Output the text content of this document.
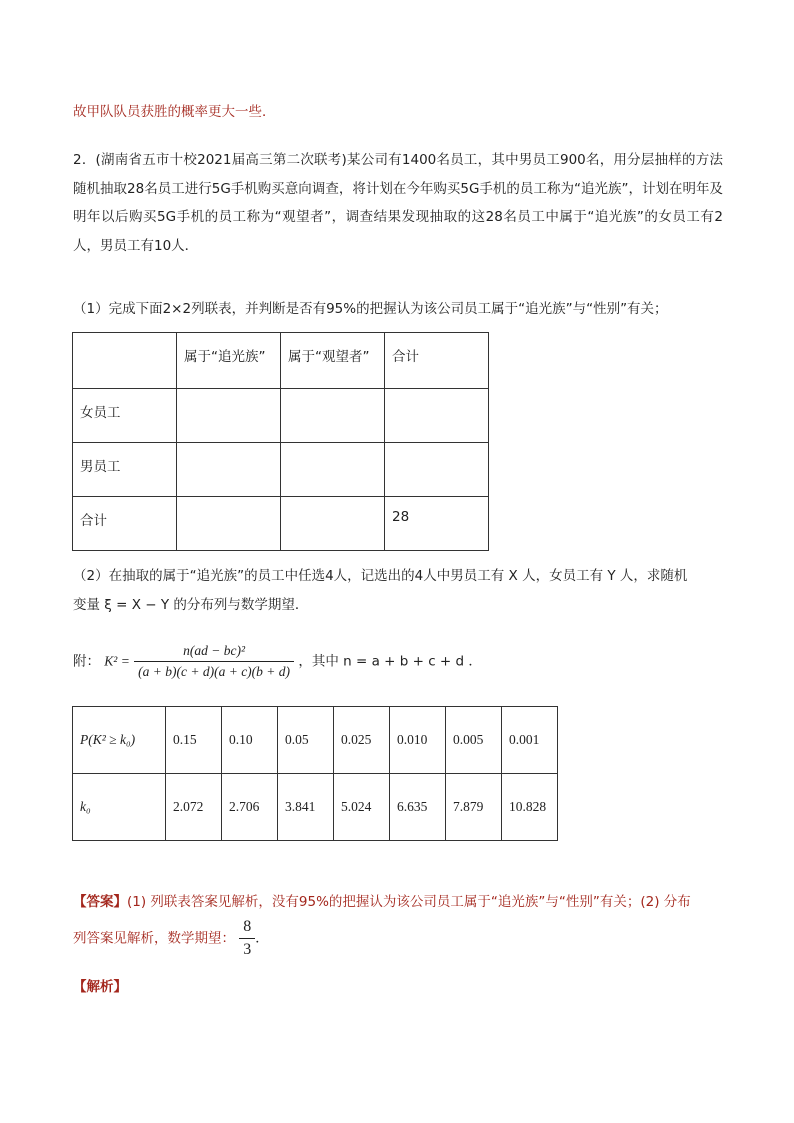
故甲队队员获胜的概率更大一些．
2．(湖南省五市十校2021届高三第二次联考)某公司有1400名员工，其中男员工900名，用分层抽样的方法随机抽取28名员工进行5G手机购买意向调查，将计划在今年购买5G手机的员工称为“追光族”，计划在明年及明年以后购买5G手机的员工称为“观望者”，调查结果发现抽取的这28名员工中属于“追光族”的女员工有2人，男员工有10人．
（1）完成下面2×2列联表，并判断是否有95%的把握认为该公司员工属于“追光族”与“性别”有关；
	属于“追光族”	属于“观望者”	合计
女员工			
男员工			
合计			28
（2）在抽取的属于“追光族”的员工中任选4人，记选出的4人中男员工有 X 人，女员工有 Y 人，求随机
变量 ξ = X − Y 的分布列与数学期望．
附： $K^2 = \frac{\text{n(ad − bc)²}}{(a + b)(c + d)(a + c)(b + d)}$ ，其中 n = a + b + c + d ．
P(K² ≥ k₀)	0.15	0.10	0.05	0.025	0.010	0.005	0.001
k₀	2.072	2.706	3.841	5.024	6.635	7.879	10.828
【答案】(1) 列联表答案见解析，没有95%的把握认为该公司员工属于“追光族”与“性别”有关；(2) 分布
列答案见解析，数学期望： $\frac{8}{3}$ ．
【解析】
